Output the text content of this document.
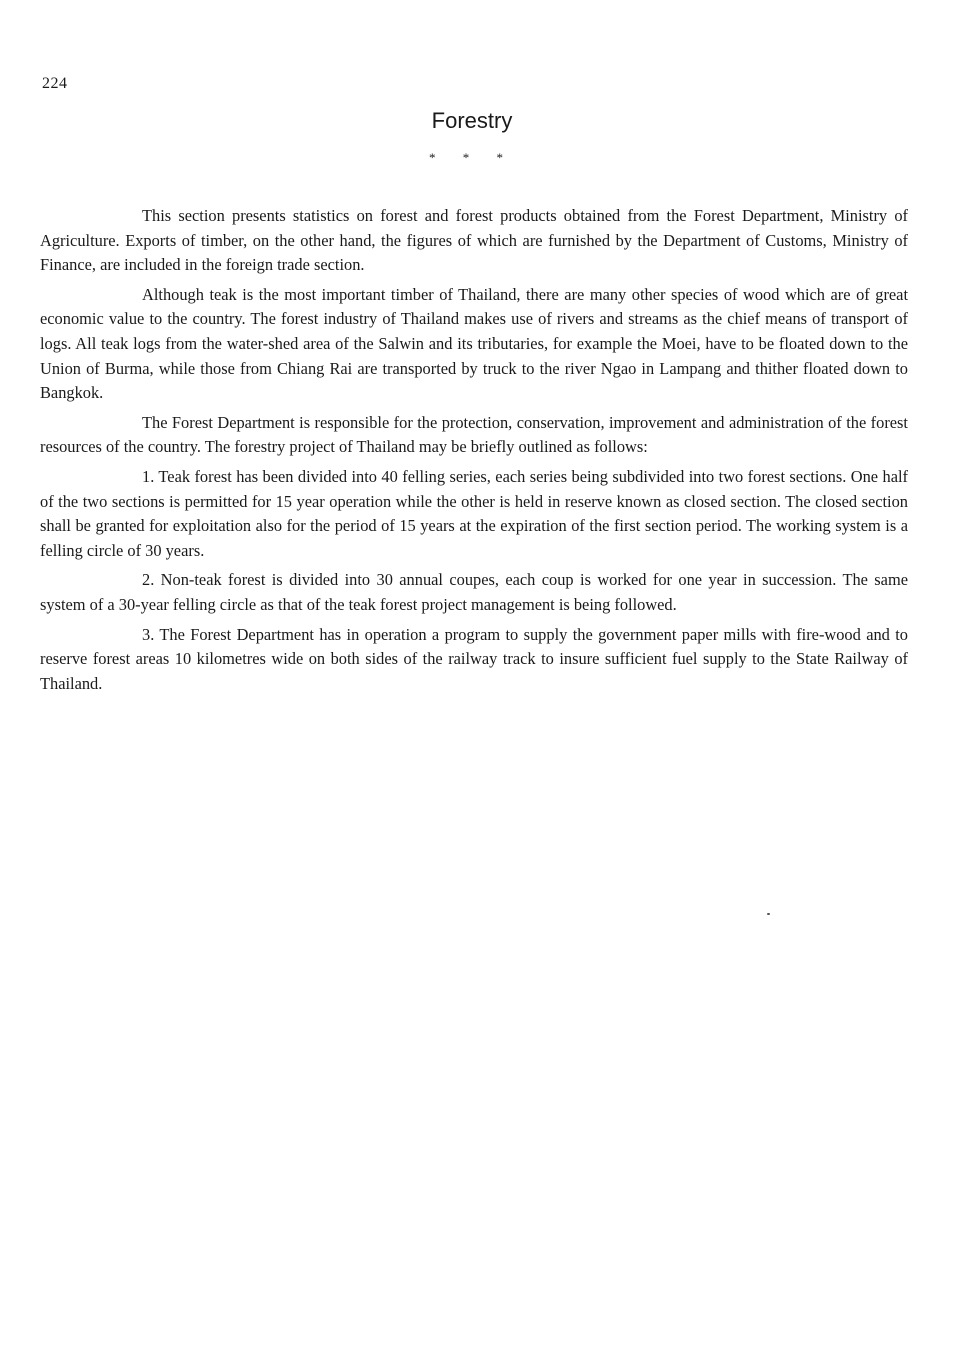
224
Forestry
* * *

This section presents statistics on forest and forest products obtained from the Forest Department, Ministry of Agriculture. Exports of timber, on the other hand, the figures of which are furnished by the Department of Customs, Ministry of Finance, are included in the foreign trade section.

Although teak is the most important timber of Thailand, there are many other species of wood which are of great economic value to the country. The forest industry of Thailand makes use of rivers and streams as the chief means of transport of logs. All teak logs from the water-shed area of the Salwin and its tributaries, for example the Moei, have to be floated down to the Union of Burma, while those from Chiang Rai are transported by truck to the river Ngao in Lampang and thither floated down to Bangkok.

The Forest Department is responsible for the protection, conservation, improvement and administration of the forest resources of the country. The forestry project of Thailand may be briefly outlined as follows:

1. Teak forest has been divided into 40 felling series, each series being subdivided into two forest sections. One half of the two sections is permitted for 15 year operation while the other is held in reserve known as closed section. The closed section shall be granted for exploitation also for the period of 15 years at the expiration of the first section period. The working system is a felling circle of 30 years.

2. Non-teak forest is divided into 30 annual coupes, each coup is worked for one year in succession. The same system of a 30-year felling circle as that of the teak forest project management is being followed.

3. The Forest Department has in operation a program to supply the government paper mills with fire-wood and to reserve forest areas 10 kilometres wide on both sides of the railway track to insure sufficient fuel supply to the State Railway of Thailand.
